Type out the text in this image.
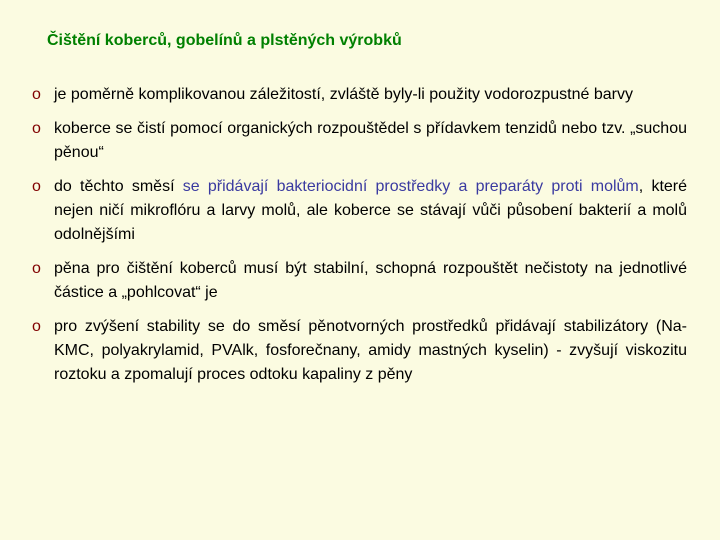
Čištění koberců, gobelínů a plstěných výrobků
o je poměrně komplikovanou záležitostí, zvláště byly-li použity vodorozpustné barvy
o koberce se čistí pomocí organických rozpouštědel s přídavkem tenzidů nebo tzv. „suchou pěnou“
o do těchto směsí se přidávají bakteriocidní prostředky a preparáty proti molům, které nejen ničí mikroflóru a larvy molů, ale koberce se stávají vůči působení bakterií a molů odolnějšími
o pěna pro čištění koberců musí být stabilní, schopná rozpouštět nečistoty na jednotlivé částice a „pohlcovat“ je
o pro zvýšení stability se do směsí pěnotvorných prostředků přidávají stabilizátory (Na-KMC, polyakrylamid, PVAlk, fosforečnany, amidy mastných kyselin) - zvyšují viskozitu roztoku a zpomalují proces odtoku kapaliny z pěny
